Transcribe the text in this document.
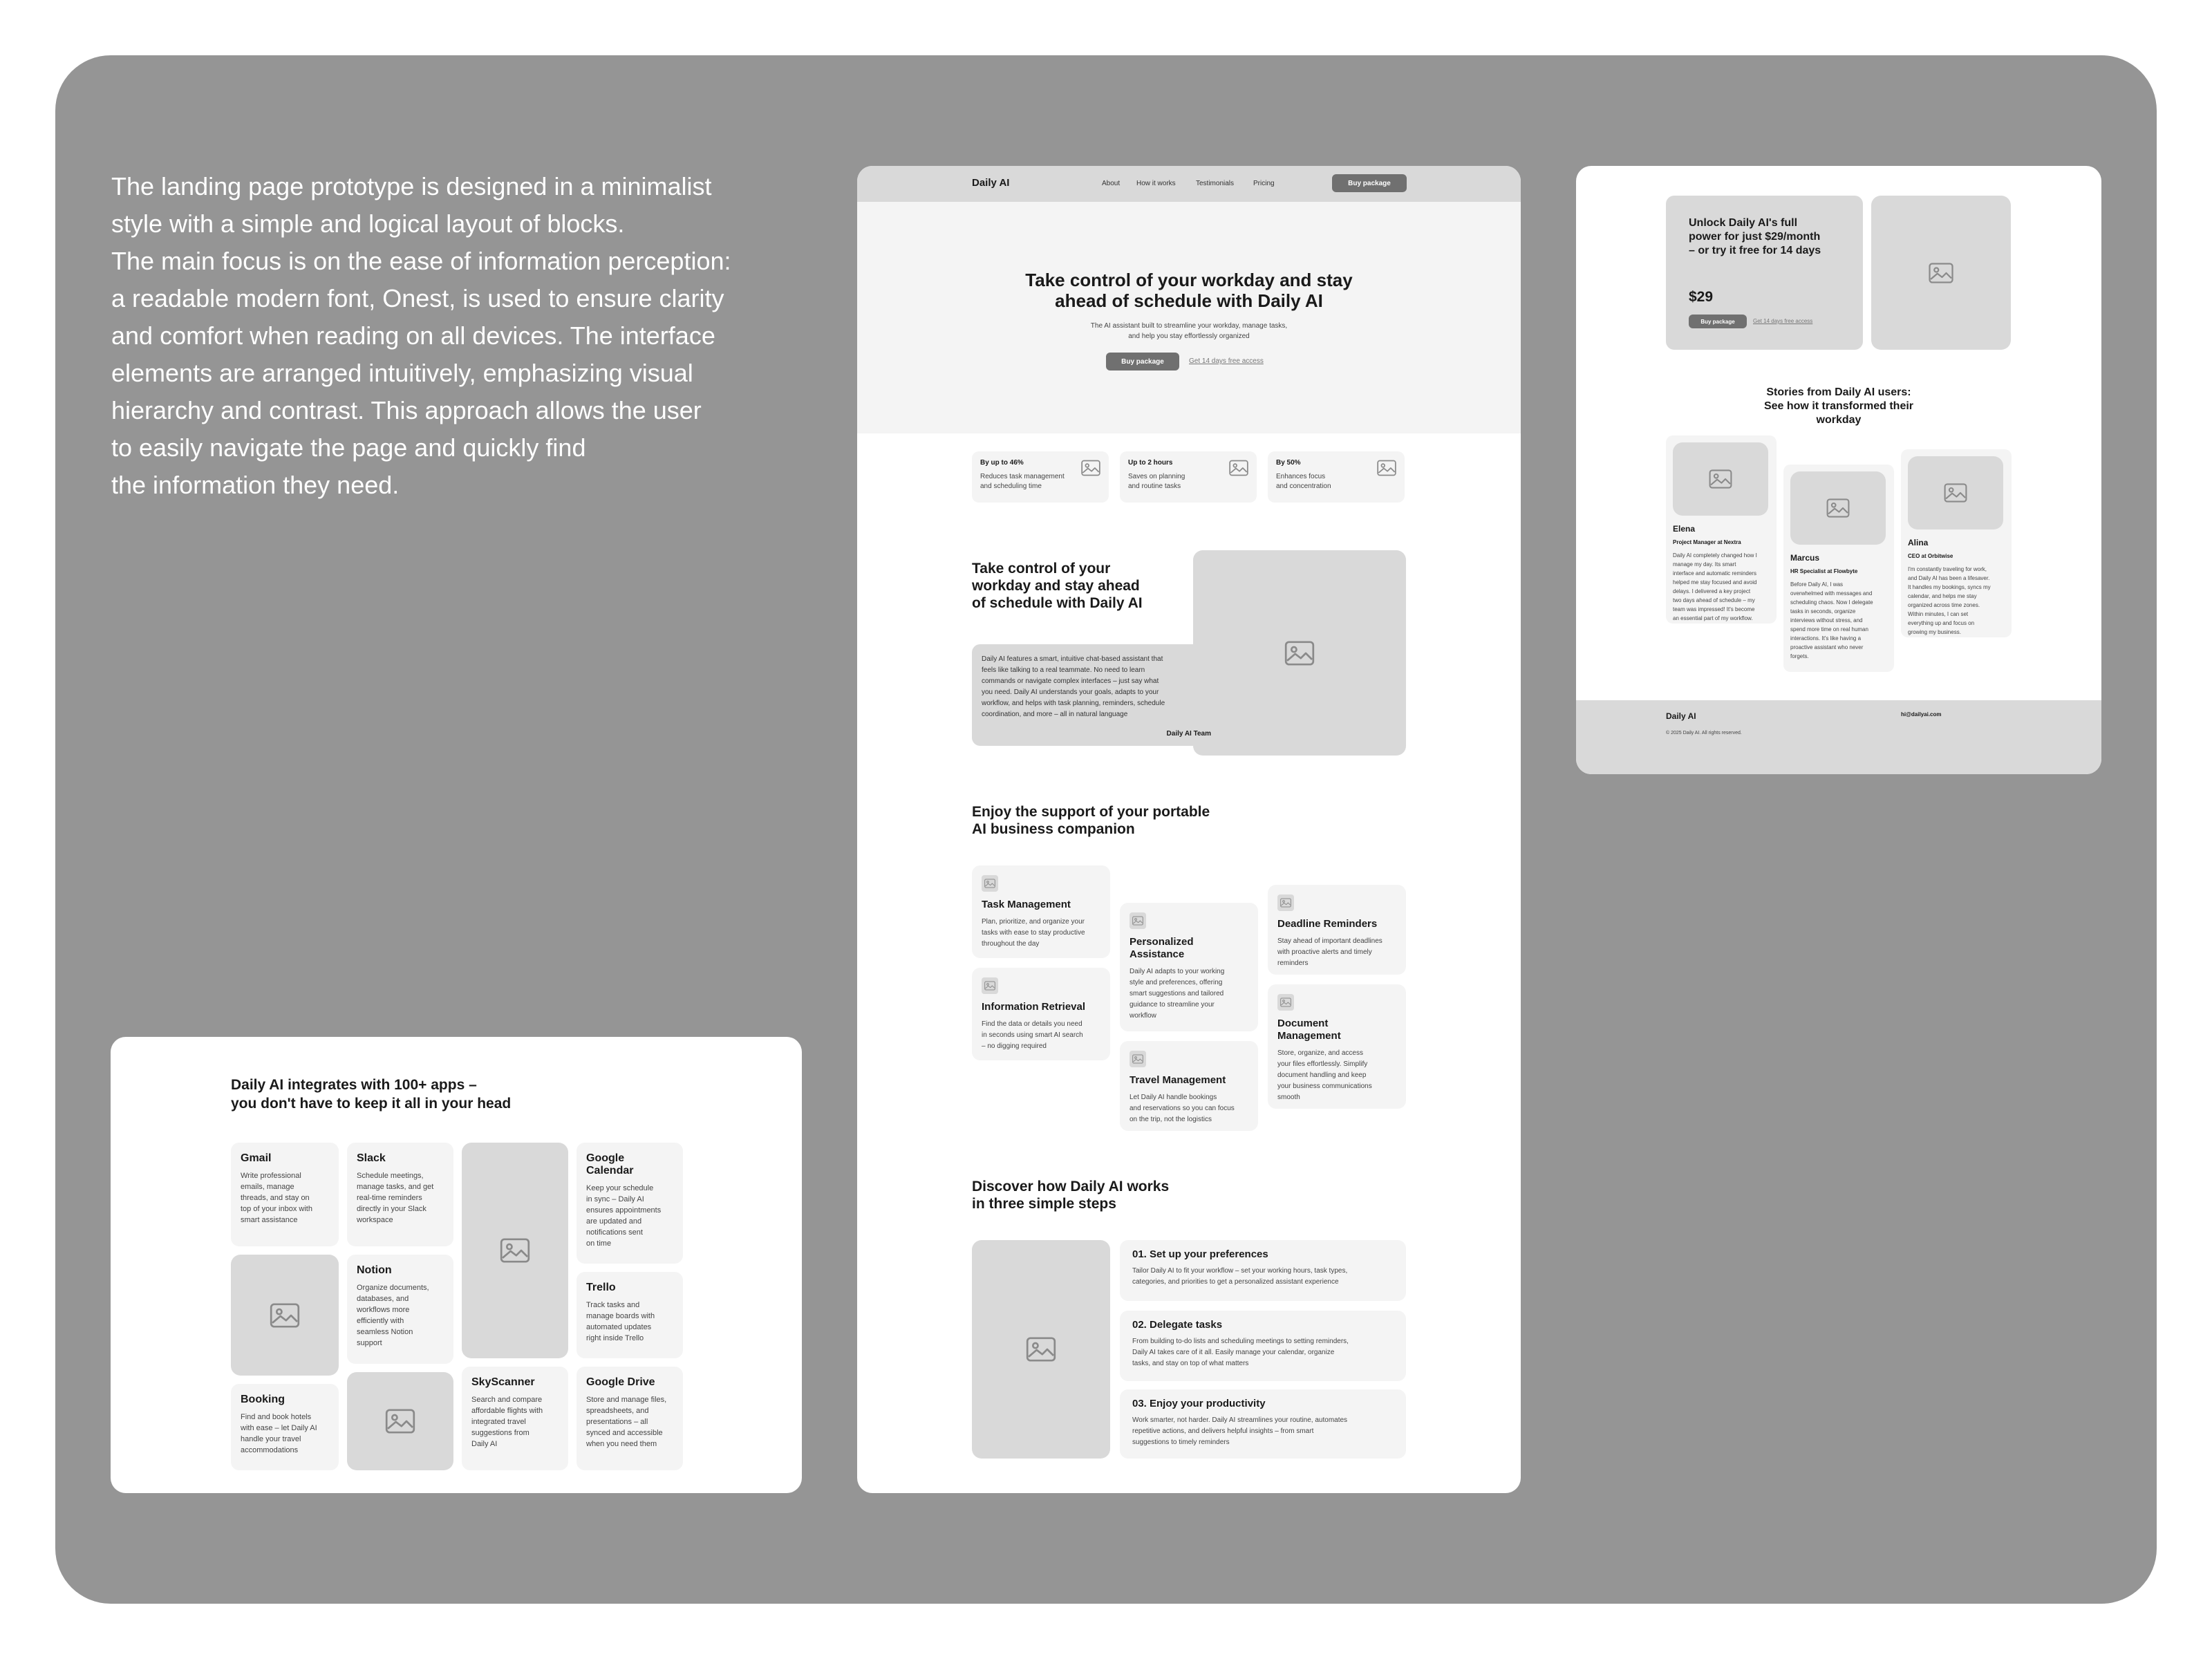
The landing page prototype is designed in a minimalist
style with a simple and logical layout of blocks.
The main focus is on the ease of information perception:
a readable modern font, Onest, is used to ensure clarity
and comfort when reading on all devices. The interface
elements are arranged intuitively, emphasizing visual
hierarchy and contrast. This approach allows the user
to easily navigate the page and quickly find
the information they need.

Daily AI integrates with 100+ apps –
you don't have to keep it all in your head
Gmail

Write professional
emails, manage
threads, and stay on
top of your inbox with
smart assistance

Slack

Schedule meetings,
manage tasks, and get
real-time reminders
directly in your Slack
workspace

Google
Calendar

Keep your schedule
in sync – Daily AI
ensures appointments
are updated and
notifications sent
on time

Notion

Organize documents,
databases, and
workflows more
efficiently with
seamless Notion
support

Trello

Track tasks and
manage boards with
automated updates
right inside Trello

Booking

Find and book hotels
with ease – let Daily AI
handle your travel
accommodations

SkyScanner

Search and compare
affordable flights with
integrated travel
suggestions from
Daily AI

Google Drive

Store and manage files,
spreadsheets, and
presentations – all
synced and accessible
when you need them

Daily AI	About How it works	Testimonials	Pricing	Buy package
Take control of your workday and stay
ahead of schedule with Daily AI
The AI assistant built to streamline your workday, manage tasks,
and help you stay effortlessly organized
Buy package	Get 14 days free access
By up to 46%
Reduces task management
and scheduling time
Up to 2 hours
Saves on planning
and routine tasks
By 50%
Enhances focus
and concentration
Take control of your
workday and stay ahead
of schedule with Daily AI

Daily AI features a smart, intuitive chat-based assistant that
feels like talking to a real teammate. No need to learn
commands or navigate complex interfaces – just say what
you need. Daily AI understands your goals, adapts to your
workflow, and helps with task planning, reminders, schedule
coordination, and more – all in natural language

Daily AI Team
Enjoy the support of your portable
AI business companion
Task Management

Plan, prioritize, and organize your
tasks with ease to stay productive
throughout the day

Information Retrieval

Find the data or details you need
in seconds using smart AI search
– no digging required

Personalized
Assistance

Daily AI adapts to your working
style and preferences, offering
smart suggestions and tailored
guidance to streamline your
workflow

Travel Management

Let Daily AI handle bookings
and reservations so you can focus
on the trip, not the logistics

Deadline Reminders

Stay ahead of important deadlines
with proactive alerts and timely
reminders

Document
Management

Store, organize, and access
your files effortlessly. Simplify
document handling and keep
your business communications
smooth

Discover how Daily AI works
in three simple steps
01. Set up your preferences

Tailor Daily AI to fit your workflow – set your working hours, task types,
categories, and priorities to get a personalized assistant experience

02. Delegate tasks

From building to-do lists and scheduling meetings to setting reminders,
Daily AI takes care of it all. Easily manage your calendar, organize
tasks, and stay on top of what matters

03. Enjoy your productivity

Work smarter, not harder. Daily AI streamlines your routine, automates
repetitive actions, and delivers helpful insights – from smart
suggestions to timely reminders

Unlock Daily AI's full
power for just $29/month
– or try it free for 14 days
$29
Buy package	Get 14 days free access
Stories from Daily AI users:
See how it transformed their
workday
Elena
Project Manager at Nextra

Daily AI completely changed how I
manage my day. Its smart
interface and automatic reminders
helped me stay focused and avoid
delays. I delivered a key project
two days ahead of schedule – my
team was impressed! It's become
an essential part of my workflow.

Marcus
HR Specialist at Flowbyte

Before Daily AI, I was
overwhelmed with messages and
scheduling chaos. Now I delegate
tasks in seconds, organize
interviews without stress, and
spend more time on real human
interactions. It's like having a
proactive assistant who never
forgets.

Alina
CEO at Orbitwise

I'm constantly traveling for work,
and Daily AI has been a lifesaver.
It handles my bookings, syncs my
calendar, and helps me stay
organized across time zones.
Within minutes, I can set
everything up and focus on
growing my business.

Daily AI
© 2025 Daily AI. All rights reserved.
hi@dailyai.com
